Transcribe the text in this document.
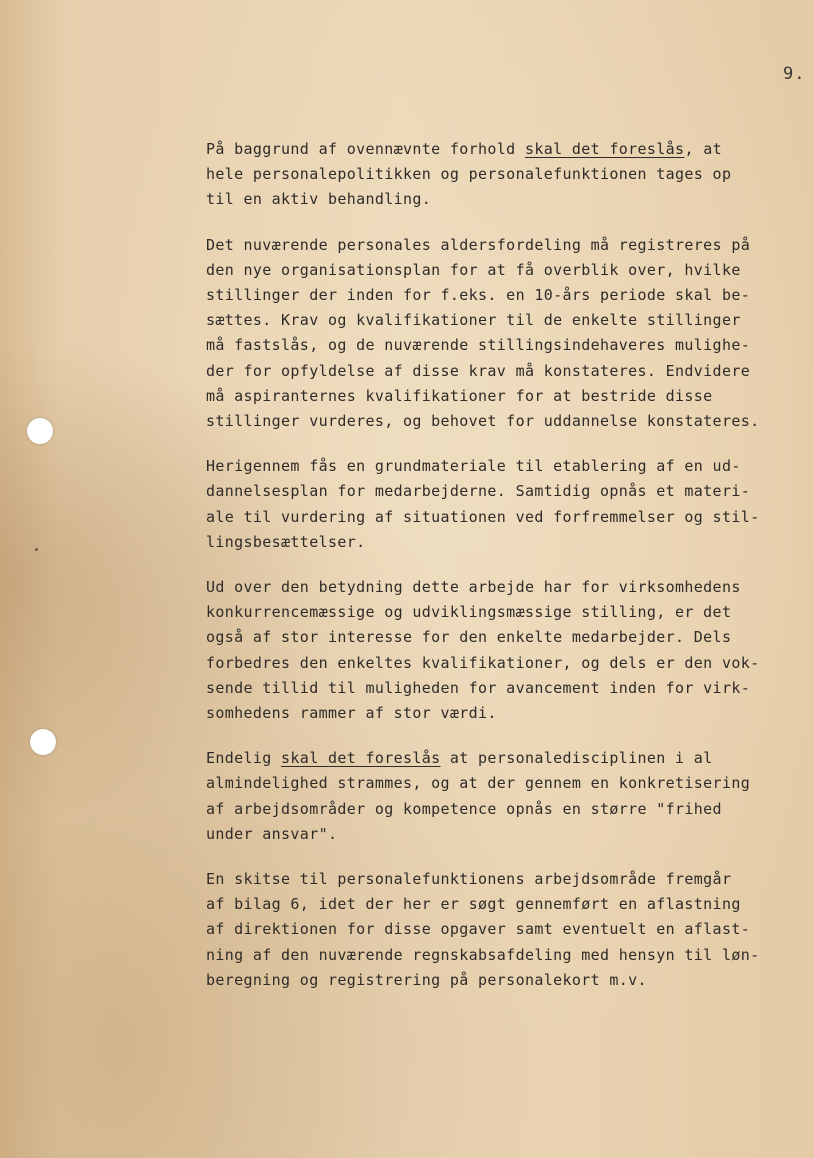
9.
På baggrund af ovennævnte forhold skal det foreslås, at
hele personalepolitikken og personalefunktionen tages op
til en aktiv behandling.
Det nuværende personales aldersfordeling må registreres på
den nye organisationsplan for at få overblik over, hvilke
stillinger der inden for f.eks. en 10-års periode skal be-
sættes. Krav og kvalifikationer til de enkelte stillinger
må fastslås, og de nuværende stillingsindehaveres mulighe-
der for opfyldelse af disse krav må konstateres. Endvidere
må aspiranternes kvalifikationer for at bestride disse
stillinger vurderes, og behovet for uddannelse konstateres.
Herigennem fås en grundmateriale til etablering af en ud-
dannelsesplan for medarbejderne. Samtidig opnås et materi-
ale til vurdering af situationen ved forfremmelser og stil-
lingsbesættelser.
Ud over den betydning dette arbejde har for virksomhedens
konkurrencemæssige og udviklingsmæssige stilling, er det
også af stor interesse for den enkelte medarbejder. Dels
forbedres den enkeltes kvalifikationer, og dels er den vok-
sende tillid til muligheden for avancement inden for virk-
somhedens rammer af stor værdi.
Endelig skal det foreslås at personaledisciplinen i al
almindelighed strammes, og at der gennem en konkretisering
af arbejdsområder og kompetence opnås en større "frihed
under ansvar".
En skitse til personalefunktionens arbejdsområde fremgår
af bilag 6, idet der her er søgt gennemført en aflastning
af direktionen for disse opgaver samt eventuelt en aflast-
ning af den nuværende regnskabsafdeling med hensyn til løn-
beregning og registrering på personalekort m.v.
